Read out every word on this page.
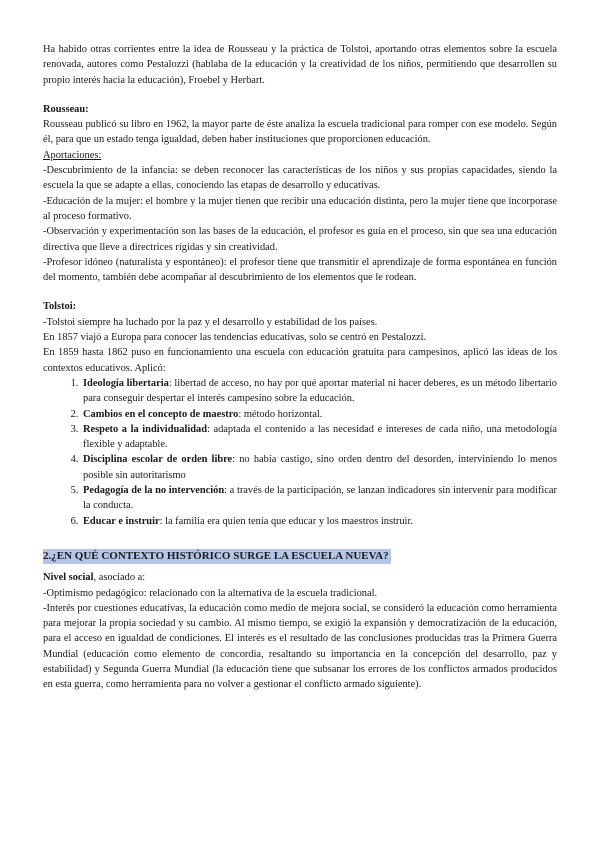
Ha habido otras corrientes entre la idea de Rousseau y la práctica de Tolstoi, aportando otras elementos sobre la escuela renovada, autores como Pestalozzi (hablaba de la educación y la creatividad de los niños, permitiendo que desarrollen su propio interés hacia la educación), Froebel y Herbart.

Rousseau:

Rousseau publicó su libro en 1962, la mayor parte de éste analiza la escuela tradicional para romper con ese modelo. Según él, para que un estado tenga igualdad, deben haber instituciones que proporcionen educación.

Aportaciones:

-Descubrimiento de la infancia: se deben reconocer las características de los niños y sus propias capacidades, siendo la escuela la que se adapte a ellas, conociendo las etapas de desarrollo y educativas.

-Educación de la mujer: el hombre y la mujer tienen que recibir una educación distinta, pero la mujer tiene que incorporase al proceso formativo.

-Observación y experimentación son las bases de la educación, el profesor es guía en el proceso, sin que sea una educación directiva que lleve a directrices rígidas y sin creatividad.

-Profesor idóneo (naturalista y espontáneo): el profesor tiene que transmitir el aprendizaje de forma espontánea en función del momento, también debe acompañar al descubrimiento de los elementos que le rodean.

Tolstoi:

-Tolstoi siempre ha luchado por la paz y el desarrollo y estabilidad de los países.

En 1857 viajó a Europa para conocer las tendencias educativas, solo se centró en Pestalozzi.

En 1859 hasta 1862 puso en funcionamiento una escuela con educación gratuita para campesinos, aplicó las ideas de los contextos educativos. Aplicó:

1. Ideología libertaria: libertad de acceso, no hay por qué aportar material ni hacer deberes, es un método libertario para conseguir despertar el interés campesino sobre la educación.
2. Cambios en el concepto de maestro: método horizontal.
3. Respeto a la individualidad: adaptada el contenido a las necesidad e intereses de cada niño, una metodología flexible y adaptable.
4. Disciplina escolar de orden libre: no había castigo, sino orden dentro del desorden, interviniendo lo menos posible sin autoritarismo
5. Pedagogía de la no intervención: a través de la participación, se lanzan indicadores sin intervenir para modificar la conducta.
6. Educar e instruir: la familia era quien tenía que educar y los maestros instruir.

2.¿EN QUÉ CONTEXTO HISTÓRICO SURGE LA ESCUELA NUEVA?

Nivel social, asociado a:

-Optimismo pedagógico: relacionado con la alternativa de la escuela tradicional.

-Interés por cuestiones educativas, la educación como medio de mejora social, se consideró la educación como herramienta para mejorar la propia sociedad y su cambio. Al mismo tiempo, se exigió la expansión y democratización de la educación, para el acceso en igualdad de condiciones. El interés es el resultado de las conclusiones producidas tras la Primera Guerra Mundial (educación como elemento de concordia, resaltando su importancia en la concepción del desarrollo, paz y estabilidad) y Segunda Guerra Mundial (la educación tiene que subsanar los errores de los conflictos armados producidos en esta guerra, como herramienta para no volver a gestionar el conflicto armado siguiente).
